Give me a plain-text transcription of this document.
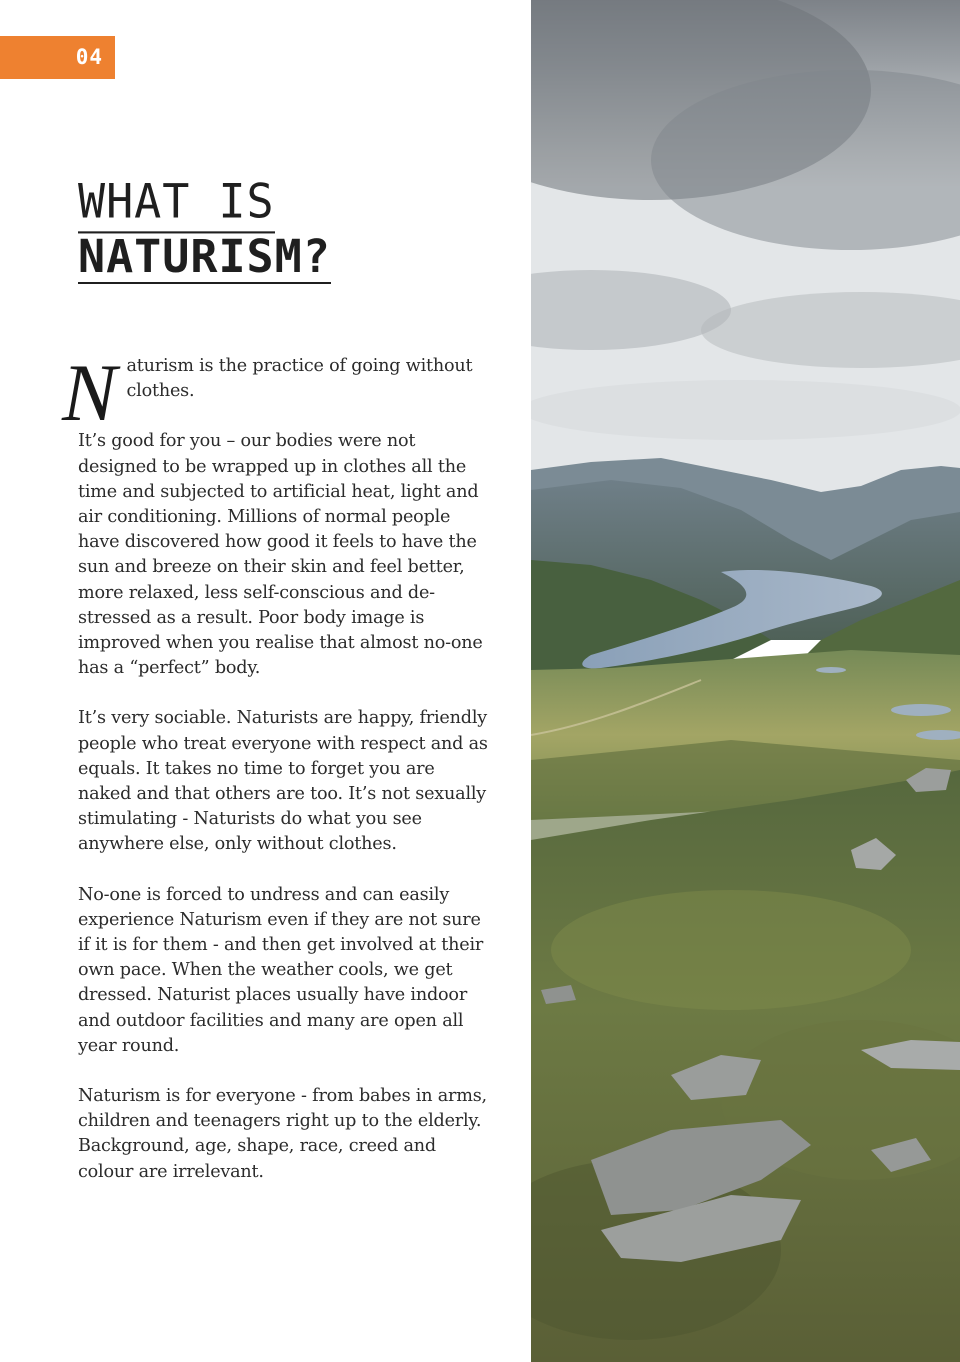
04
WHAT IS
NATURISM?

Naturism is the practice of going without clothes.

It’s good for you – our bodies were not designed to be wrapped up in clothes all the time and subjected to artificial heat, light and air conditioning. Millions of normal people have discovered how good it feels to have the sun and breeze on their skin and feel better, more relaxed, less self-conscious and de-stressed as a result. Poor body image is improved when you realise that almost no-one has a “perfect” body.

It’s very sociable. Naturists are happy, friendly people who treat everyone with respect and as equals. It takes no time to forget you are naked and that others are too. It’s not sexually stimulating - Naturists do what you see anywhere else, only without clothes.

No-one is forced to undress and can easily experience Naturism even if they are not sure if it is for them - and then get involved at their own pace. When the weather cools, we get dressed. Naturist places usually have indoor and outdoor facilities and many are open all year round.

Naturism is for everyone - from babes in arms, children and teenagers right up to the elderly. Background, age, shape, race, creed and colour are irrelevant.
